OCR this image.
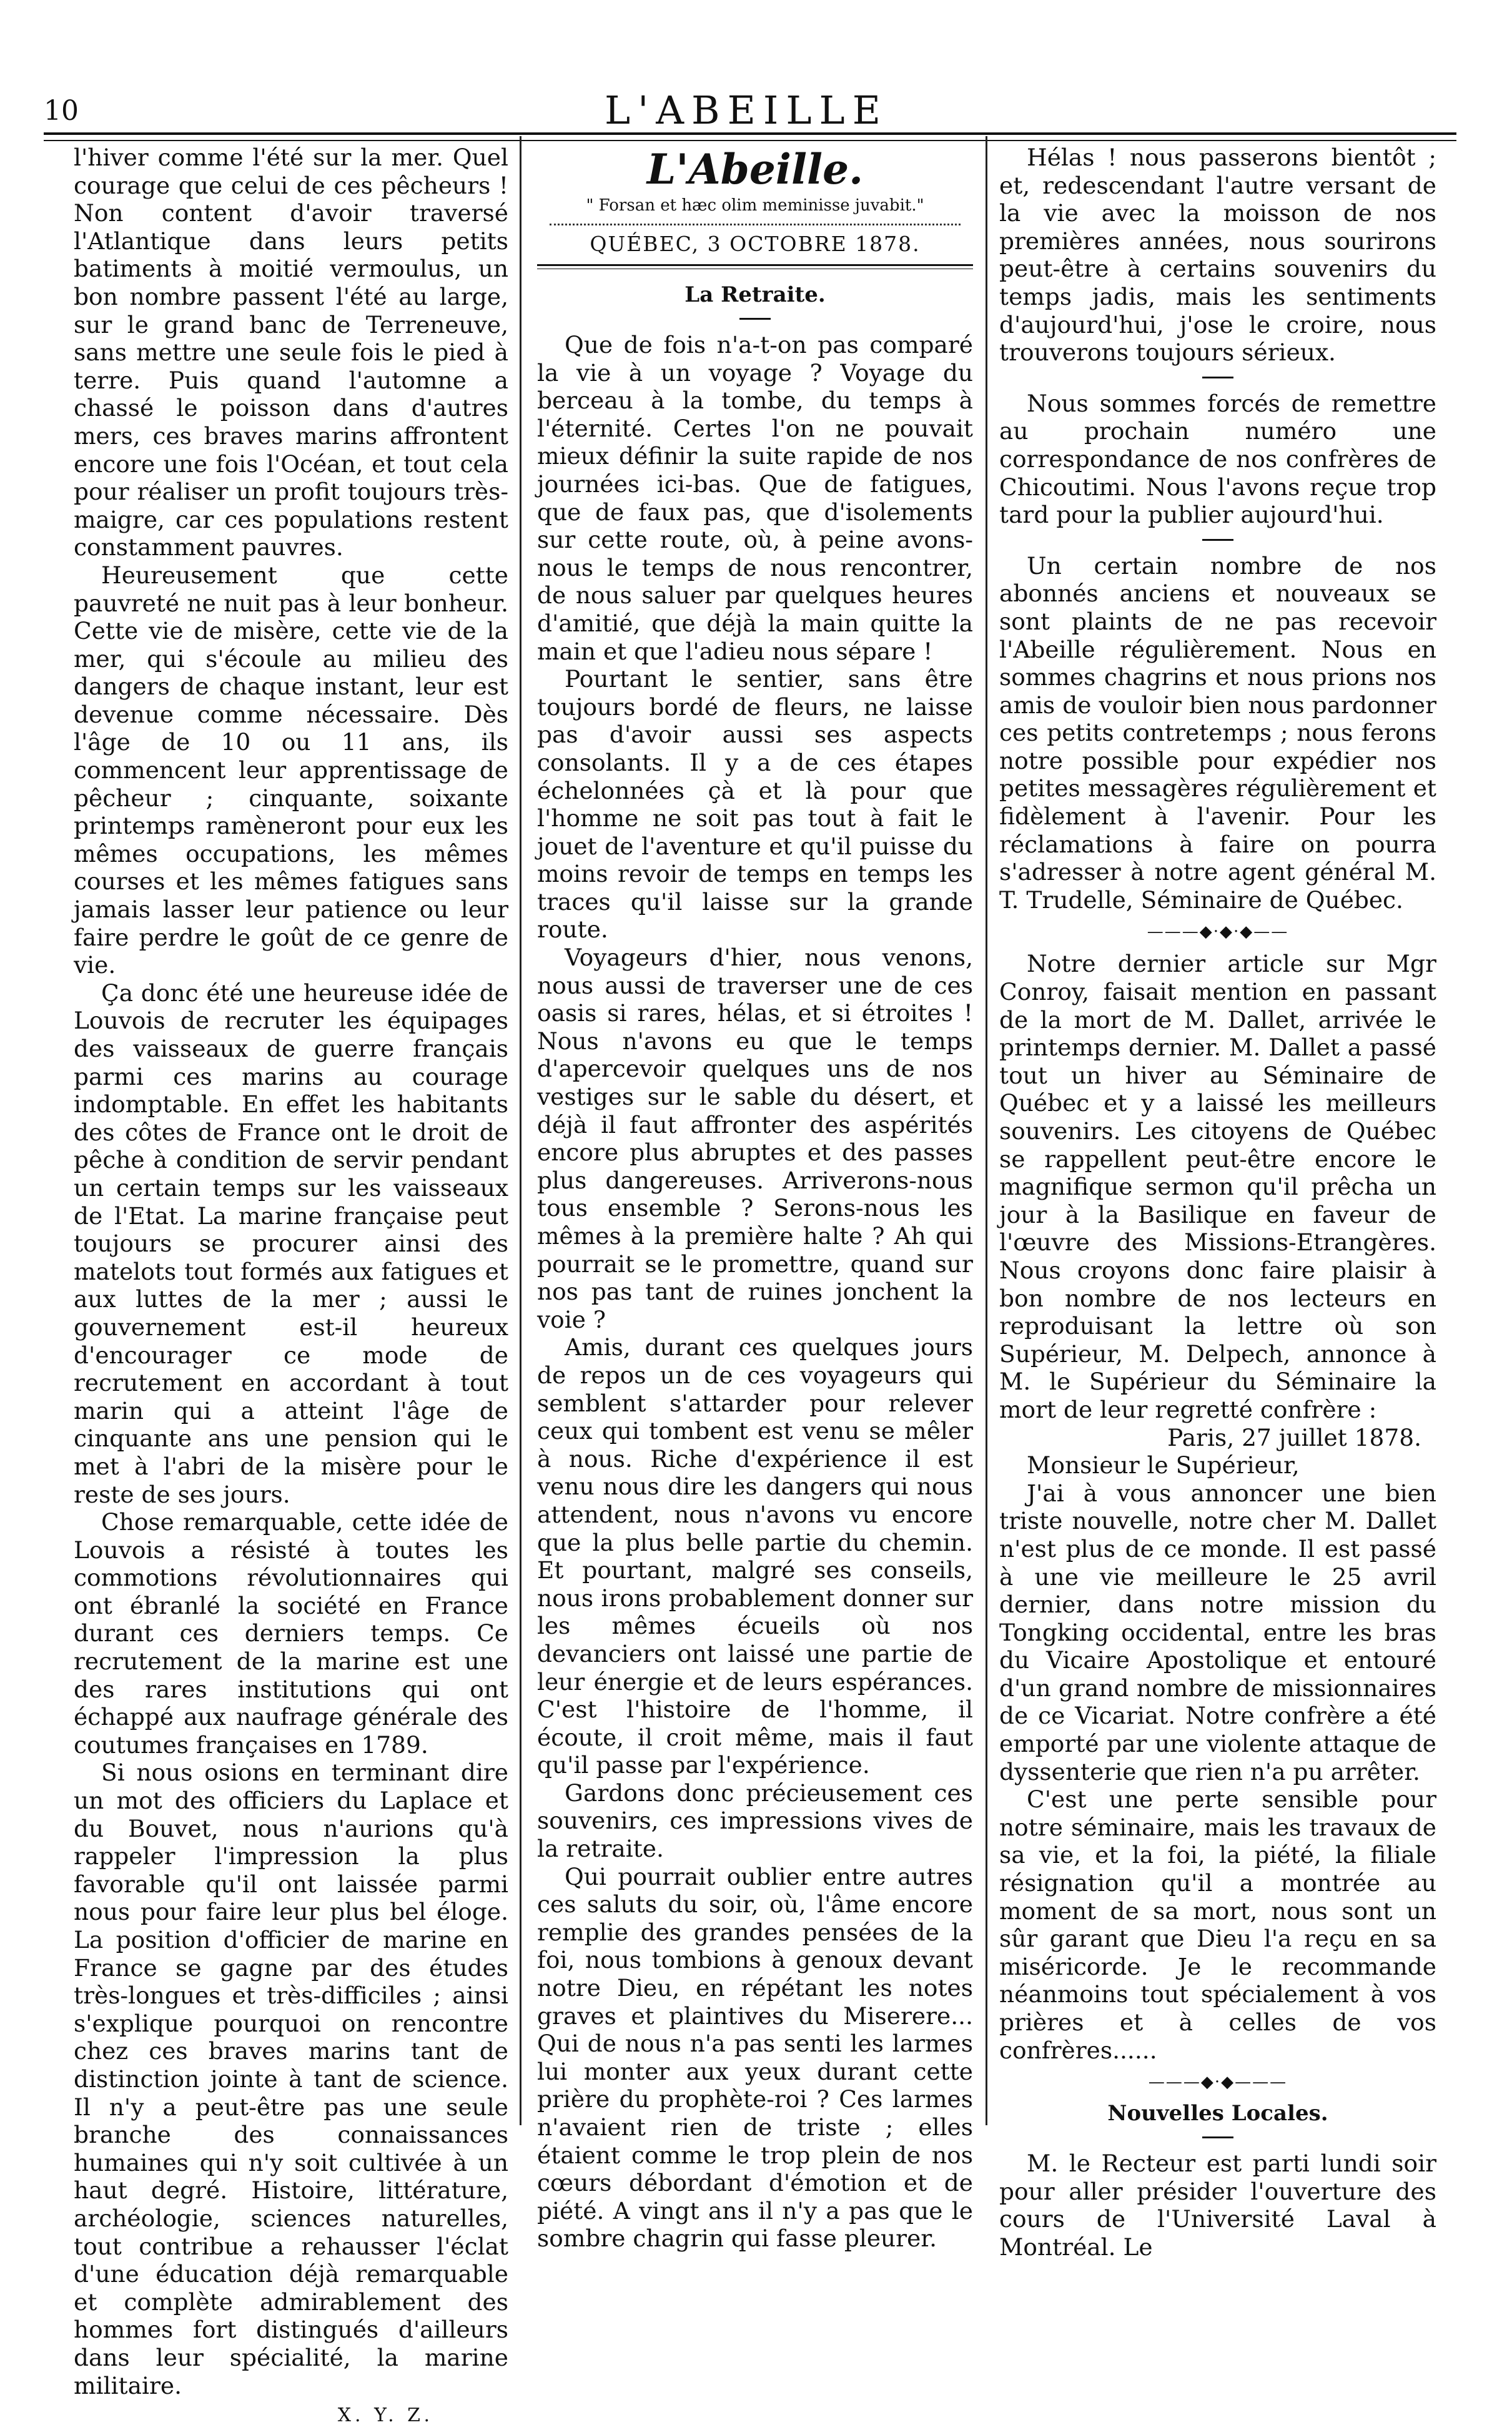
10	L'ABEILLE

l'hiver comme l'été sur la mer. Quel courage que celui de ces pêcheurs ! Non content d'avoir traversé l'Atlantique dans leurs petits batiments à moitié vermoulus, un bon nombre passent l'été au large, sur le grand banc de Terreneuve, sans mettre une seule fois le pied à terre. Puis quand l'automne a chassé le poisson dans d'autres mers, ces braves marins affrontent encore une fois l'Océan, et tout cela pour réaliser un profit toujours très-maigre, car ces populations restent constamment pauvres.

Heureusement que cette pauvreté ne nuit pas à leur bonheur. Cette vie de misère, cette vie de la mer, qui s'écoule au milieu des dangers de chaque instant, leur est devenue comme nécessaire. Dès l'âge de 10 ou 11 ans, ils commencent leur apprentissage de pêcheur ; cinquante, soixante printemps ramèneront pour eux les mêmes occupations, les mêmes courses et les mêmes fatigues sans jamais lasser leur patience ou leur faire perdre le goût de ce genre de vie.

Ça donc été une heureuse idée de Louvois de recruter les équipages des vaisseaux de guerre français parmi ces marins au courage indomptable. En effet les habitants des côtes de France ont le droit de pêche à condition de servir pendant un certain temps sur les vaisseaux de l'Etat. La marine française peut toujours se procurer ainsi des matelots tout formés aux fatigues et aux luttes de la mer ; aussi le gouvernement est-il heureux d'encourager ce mode de recrutement en accordant à tout marin qui a atteint l'âge de cinquante ans une pension qui le met à l'abri de la misère pour le reste de ses jours.

Chose remarquable, cette idée de Louvois a résisté à toutes les commotions révolutionnaires qui ont ébranlé la société en France durant ces derniers temps. Ce recrutement de la marine est une des rares institutions qui ont échappé aux naufrage générale des coutumes françaises en 1789.

Si nous osions en terminant dire un mot des officiers du Laplace et du Bouvet, nous n'aurions qu'à rappeler l'impression la plus favorable qu'il ont laissée parmi nous pour faire leur plus bel éloge. La position d'officier de marine en France se gagne par des études très-longues et très-difficiles ; ainsi s'explique pourquoi on rencontre chez ces braves marins tant de distinction jointe à tant de science. Il n'y a peut-être pas une seule branche des connaissances humaines qui n'y soit cultivée à un haut degré. Histoire, littérature, archéologie, sciences naturelles, tout contribue a rehausser l'éclat d'une éducation déjà remarquable et complète admirablement des hommes fort distingués d'ailleurs dans leur spécialité, la marine militaire.

X. Y. Z.
L'Abeille.
" Forsan et hæc olim meminisse juvabit."
QUÉBEC, 3 OCTOBRE 1878.
La Retraite.

Que de fois n'a-t-on pas comparé la vie à un voyage ? Voyage du berceau à la tombe, du temps à l'éternité. Certes l'on ne pouvait mieux définir la suite rapide de nos journées ici-bas. Que de fatigues, que de faux pas, que d'isolements sur cette route, où, à peine avons-nous le temps de nous rencontrer, de nous saluer par quelques heures d'amitié, que déjà la main quitte la main et que l'adieu nous sépare !

Pourtant le sentier, sans être toujours bordé de fleurs, ne laisse pas d'avoir aussi ses aspects consolants. Il y a de ces étapes échelonnées çà et là pour que l'homme ne soit pas tout à fait le jouet de l'aventure et qu'il puisse du moins revoir de temps en temps les traces qu'il laisse sur la grande route.

Voyageurs d'hier, nous venons, nous aussi de traverser une de ces oasis si rares, hélas, et si étroites ! Nous n'avons eu que le temps d'apercevoir quelques uns de nos vestiges sur le sable du désert, et déjà il faut affronter des aspérités encore plus abruptes et des passes plus dangereuses. Arriverons-nous tous ensemble ? Serons-nous les mêmes à la première halte ? Ah qui pourrait se le promettre, quand sur nos pas tant de ruines jonchent la voie ?

Amis, durant ces quelques jours de repos un de ces voyageurs qui semblent s'attarder pour relever ceux qui tombent est venu se mêler à nous. Riche d'expérience il est venu nous dire les dangers qui nous attendent, nous n'avons vu encore que la plus belle partie du chemin. Et pourtant, malgré ses conseils, nous irons probablement donner sur les mêmes écueils où nos devanciers ont laissé une partie de leur énergie et de leurs espérances. C'est l'histoire de l'homme, il écoute, il croit même, mais il faut qu'il passe par l'expérience.

Gardons donc précieusement ces souvenirs, ces impressions vives de la retraite.

Qui pourrait oublier entre autres ces saluts du soir, où, l'âme encore remplie des grandes pensées de la foi, nous tombions à genoux devant notre Dieu, en répétant les notes graves et plaintives du Miserere... Qui de nous n'a pas senti les larmes lui monter aux yeux durant cette prière du prophète-roi ? Ces larmes n'avaient rien de triste ; elles étaient comme le trop plein de nos cœurs débordant d'émotion et de piété. A vingt ans il n'y a pas que le sombre chagrin qui fasse pleurer.

Hélas ! nous passerons bientôt ; et, redescendant l'autre versant de la vie avec la moisson de nos premières années, nous sourirons peut-être à certains souvenirs du temps jadis, mais les sentiments d'aujourd'hui, j'ose le croire, nous trouverons toujours sérieux.

Nous sommes forcés de remettre au prochain numéro une correspondance de nos confrères de Chicoutimi. Nous l'avons reçue trop tard pour la publier aujourd'hui.

Un certain nombre de nos abonnés anciens et nouveaux se sont plaints de ne pas recevoir l'Abeille régulièrement. Nous en sommes chagrins et nous prions nos amis de vouloir bien nous pardonner ces petits contretemps ; nous ferons notre possible pour expédier nos petites messagères régulièrement et fidèlement à l'avenir. Pour les réclamations à faire on pourra s'adresser à notre agent général M. T. Trudelle, Séminaire de Québec.

———◆·◆·◆——

Notre dernier article sur Mgr Conroy, faisait mention en passant de la mort de M. Dallet, arrivée le printemps dernier. M. Dallet a passé tout un hiver au Séminaire de Québec et y a laissé les meilleurs souvenirs. Les citoyens de Québec se rappellent peut-être encore le magnifique sermon qu'il prêcha un jour à la Basilique en faveur de l'œuvre des Missions-Etrangères. Nous croyons donc faire plaisir à bon nombre de nos lecteurs en reproduisant la lettre où son Supérieur, M. Delpech, annonce à M. le Supérieur du Séminaire la mort de leur regretté confrère :

Paris, 27 juillet 1878.

Monsieur le Supérieur,

J'ai à vous annoncer une bien triste nouvelle, notre cher M. Dallet n'est plus de ce monde. Il est passé à une vie meilleure le 25 avril dernier, dans notre mission du Tongking occidental, entre les bras du Vicaire Apostolique et entouré d'un grand nombre de missionnaires de ce Vicariat. Notre confrère a été emporté par une violente attaque de dyssenterie que rien n'a pu arrêter.

C'est une perte sensible pour notre séminaire, mais les travaux de sa vie, et la foi, la piété, la filiale résignation qu'il a montrée au moment de sa mort, nous sont un sûr garant que Dieu l'a reçu en sa miséricorde. Je le recommande néanmoins tout spécialement à vos prières et à celles de vos confrères......

———◆·◆———
Nouvelles Locales.

M. le Recteur est parti lundi soir pour aller présider l'ouverture des cours de l'Université Laval à Montréal. Le
